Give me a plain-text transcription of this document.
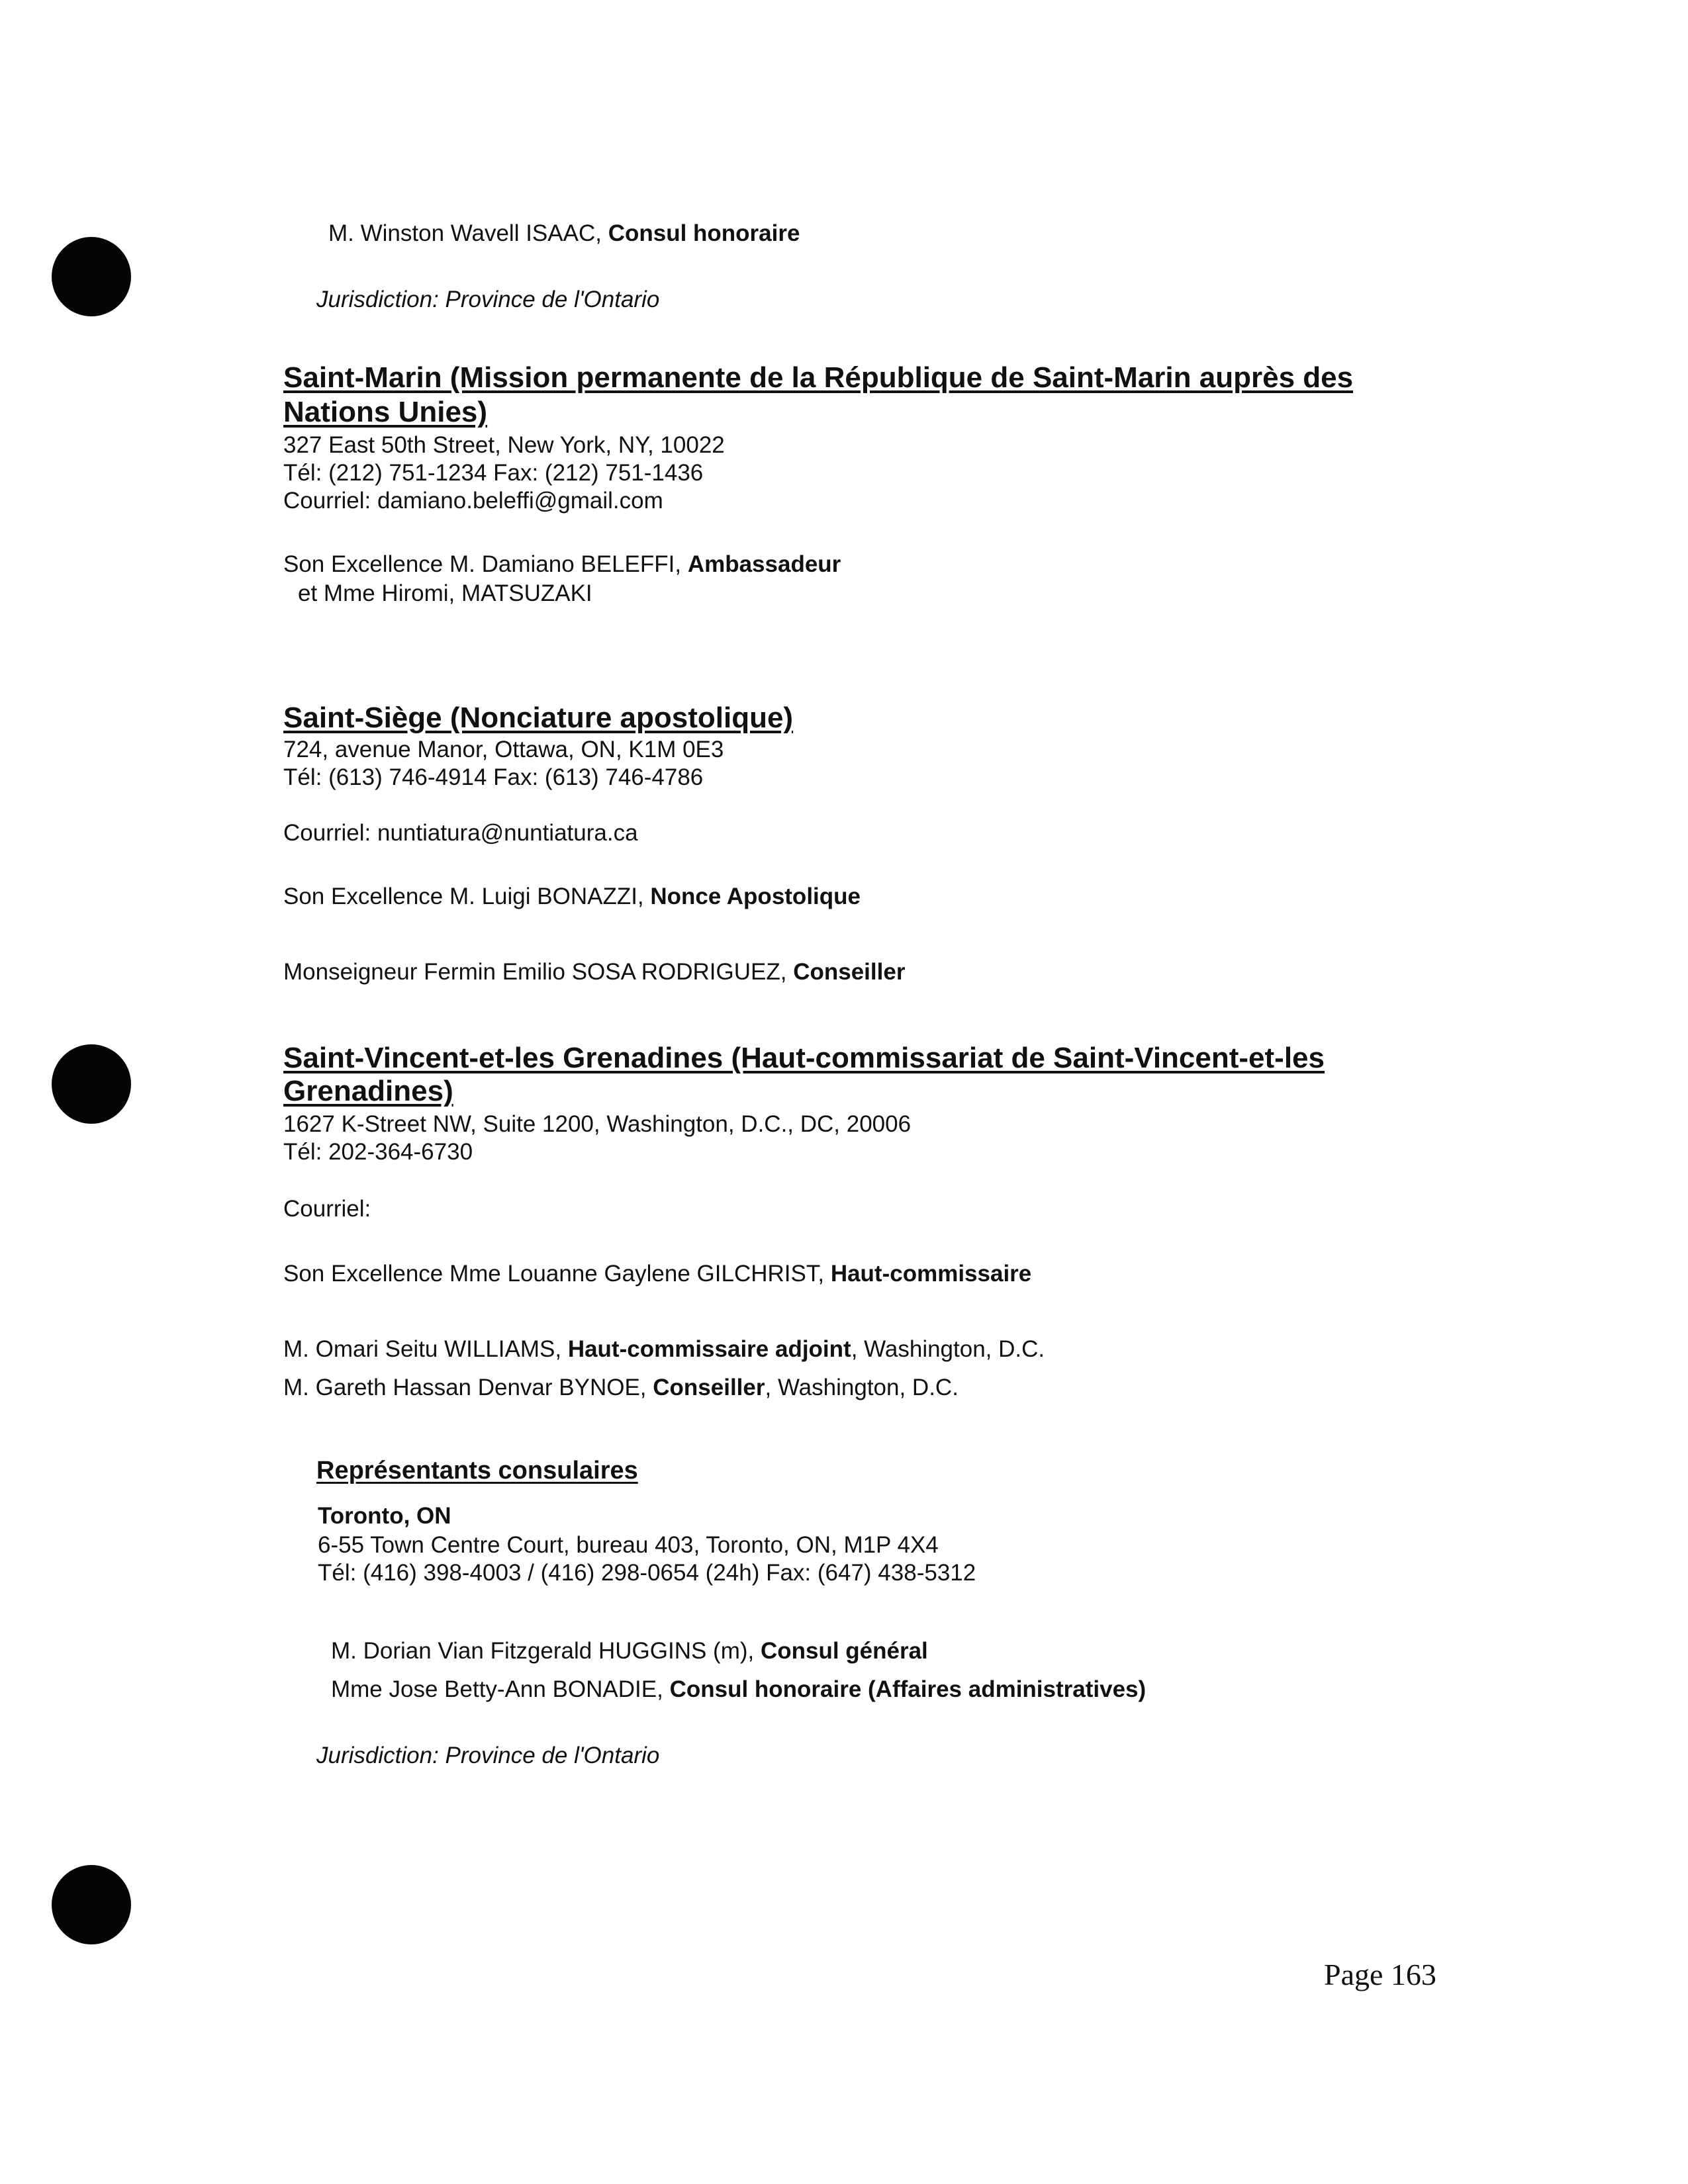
M. Winston Wavell ISAAC, Consul honoraire
Jurisdiction: Province de l'Ontario
Saint-Marin (Mission permanente de la République de Saint-Marin auprès des
Nations Unies)
327 East 50th Street, New York, NY, 10022
Tél: (212) 751-1234 Fax: (212) 751-1436
Courriel: damiano.beleffi@gmail.com
Son Excellence M. Damiano BELEFFI, Ambassadeur
et Mme Hiromi, MATSUZAKI
Saint-Siège (Nonciature apostolique)
724, avenue Manor, Ottawa, ON, K1M 0E3
Tél: (613) 746-4914 Fax: (613) 746-4786
Courriel: nuntiatura@nuntiatura.ca
Son Excellence M. Luigi BONAZZI, Nonce Apostolique
Monseigneur Fermin Emilio SOSA RODRIGUEZ, Conseiller
Saint-Vincent-et-les Grenadines (Haut-commissariat de Saint-Vincent-et-les
Grenadines)
1627 K-Street NW, Suite 1200, Washington, D.C., DC, 20006
Tél: 202-364-6730
Courriel:
Son Excellence Mme Louanne Gaylene GILCHRIST, Haut-commissaire
M. Omari Seitu WILLIAMS, Haut-commissaire adjoint, Washington, D.C.
M. Gareth Hassan Denvar BYNOE, Conseiller, Washington, D.C.
Représentants consulaires
Toronto, ON
6-55 Town Centre Court, bureau 403, Toronto, ON, M1P 4X4
Tél: (416) 398-4003 / (416) 298-0654 (24h) Fax: (647) 438-5312
M. Dorian Vian Fitzgerald HUGGINS (m), Consul général
Mme Jose Betty-Ann BONADIE, Consul honoraire (Affaires administratives)
Jurisdiction: Province de l'Ontario
Page 163
